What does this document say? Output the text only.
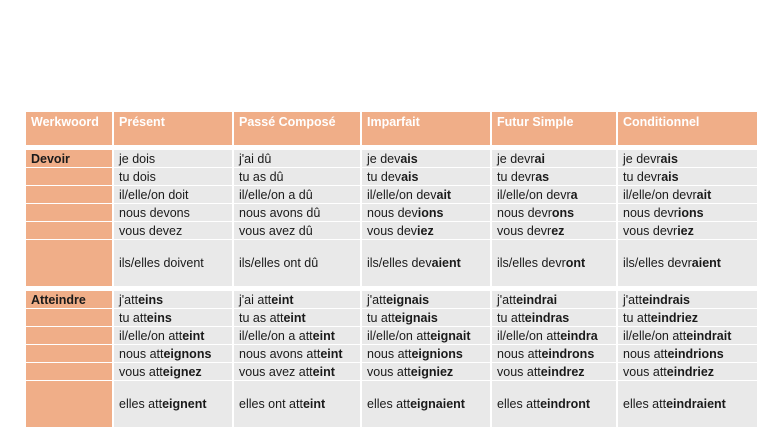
Werkwoord	Présent	Passé Composé	Imparfait	Futur Simple	Conditionnel

Devoir	je dois	j'ai dû	je devais	je devrai	je devrais
	tu dois	tu as dû	tu devais	tu devras	tu devrais
	il/elle/on doit	il/elle/on a dû	il/elle/on devait	il/elle/on devra	il/elle/on devrait
	nous devons	nous avons dû	nous devions	nous devrons	nous devrions
	vous devez	vous avez dû	vous deviez	vous devrez	vous devriez
	ils/elles doivent	ils/elles ont dû	ils/elles devaient	ils/elles devront	ils/elles devraient

Atteindre	j'atteins	j'ai atteint	j'atteignais	j'atteindrai	j'atteindrais
	tu atteins	tu as atteint	tu atteignais	tu atteindras	tu atteindriez
	il/elle/on atteint	il/elle/on a atteint	il/elle/on atteignait	il/elle/on atteindra	il/elle/on atteindrait
	nous atteignons	nous avons atteint	nous atteignions	nous atteindrons	nous atteindrions
	vous atteignez	vous avez atteint	vous atteigniez	vous atteindrez	vous atteindriez
	elles atteignent	elles ont atteint	elles atteignaient	elles atteindront	elles atteindraient
